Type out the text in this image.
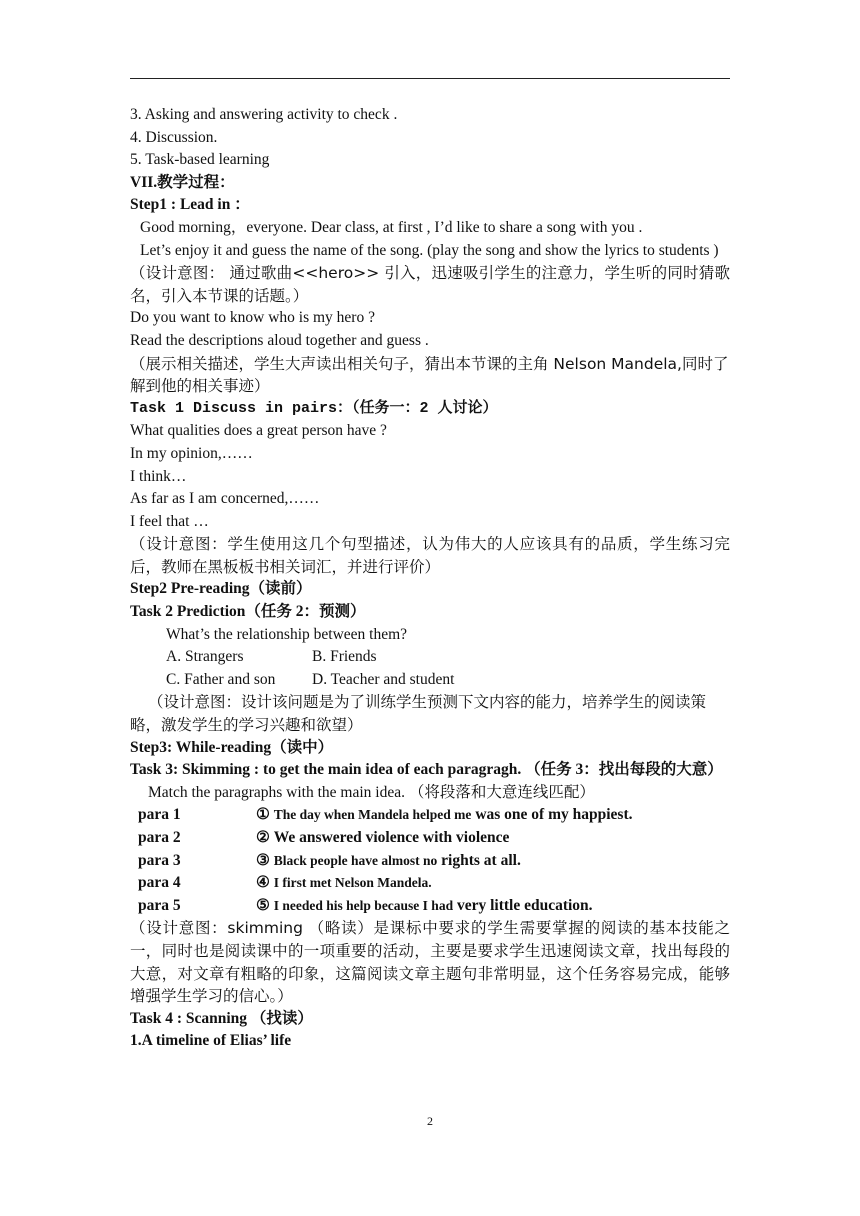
3. Asking and answering activity to check .
4. Discussion.
5. Task-based learning
VII.教学过程：
Step1 : Lead in ：
Good morning，everyone. Dear class, at first , I’d like to share a song with you .
Let’s enjoy it and guess the name of the song. (play the song and show the lyrics to students )
（设计意图： 通过歌曲<<hero>> 引入，迅速吸引学生的注意力，学生听的同时猜歌名，引入本节课的话题。）
Do you want to know who is my hero ?
Read the descriptions aloud together and guess .
（展示相关描述，学生大声读出相关句子，猜出本节课的主角 Nelson Mandela,同时了解到他的相关事迹）
Task 1 Discuss in pairs：（任务一：2 人讨论）
What qualities does a great person have ?
In my opinion,……
I think…
As far as I am concerned,……
I feel that …
（设计意图：学生使用这几个句型描述，认为伟大的人应该具有的品质，学生练习完后，教师在黑板板书相关词汇，并进行评价）
Step2 Pre-reading（读前）
Task 2 Prediction（任务 2：预测）
What’s the relationship between them?
A. Strangers	B. Friends
C. Father and son D. Teacher and student
（设计意图：设计该问题是为了训练学生预测下文内容的能力，培养学生的阅读策略，激发学生的学习兴趣和欲望）
Step3: While-reading（读中）
Task 3: Skimming : to get the main idea of each paragragh. （任务 3：找出每段的大意）
Match the paragraphs with the main idea. （将段落和大意连线匹配）
para 1	① The day when Mandela helped me was one of my happiest.
para 2	② We answered violence with violence
para 3	③ Black people have almost no rights at all.
para 4	④ I first met Nelson Mandela.
para 5	⑤ I needed his help because I had very little education.
（设计意图：skimming （略读）是课标中要求的学生需要掌握的阅读的基本技能之一，同时也是阅读课中的一项重要的活动，主要是要求学生迅速阅读文章，找出每段的大意，对文章有粗略的印象，这篇阅读文章主题句非常明显，这个任务容易完成，能够增强学生学习的信心。）
Task 4 : Scanning （找读）
1.A timeline of Elias’ life
2
